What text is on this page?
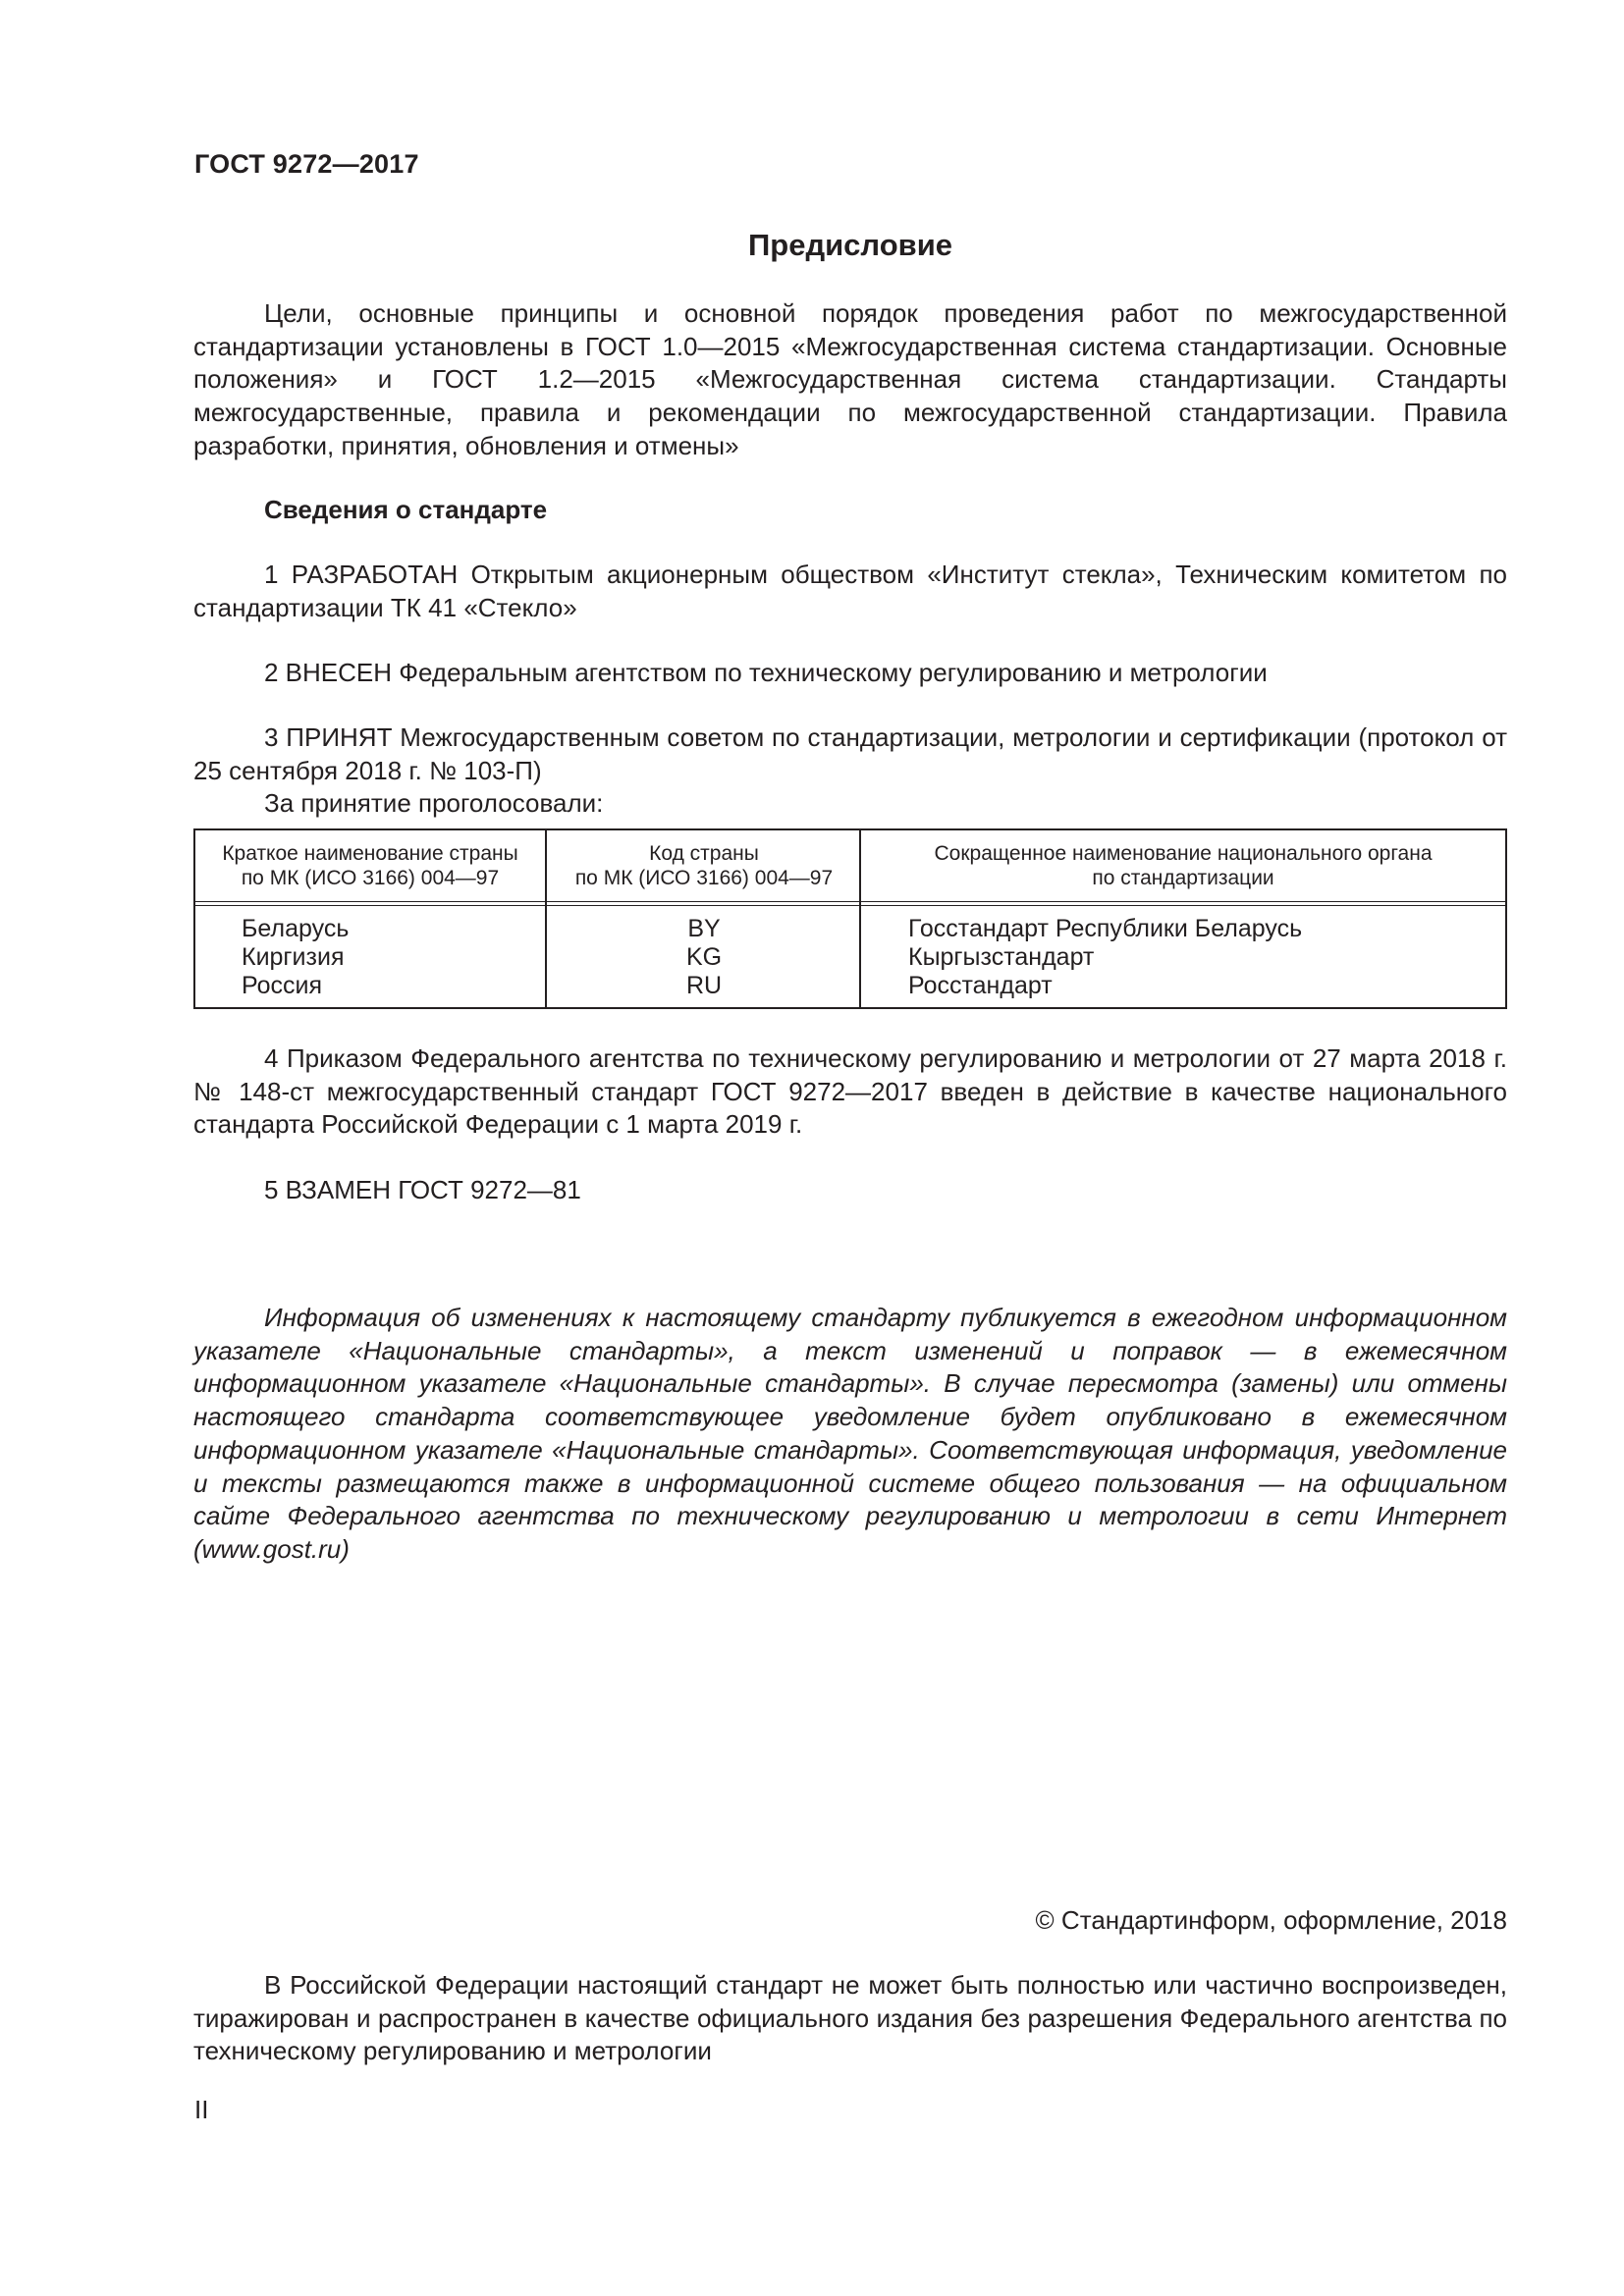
ГОСТ 9272—2017
Предисловие

Цели, основные принципы и основной порядок проведения работ по межгосударственной стандартизации установлены в ГОСТ 1.0—2015 «Межгосударственная система стандартизации. Основные положения» и ГОСТ 1.2—2015 «Межгосударственная система стандартизации. Стандарты межгосударственные, правила и рекомендации по межгосударственной стандартизации. Правила разработки, принятия, обновления и отмены»

Сведения о стандарте

1 РАЗРАБОТАН Открытым акционерным обществом «Институт стекла», Техническим комитетом по стандартизации ТК 41 «Стекло»

2 ВНЕСЕН Федеральным агентством по техническому регулированию и метрологии

3 ПРИНЯТ Межгосударственным советом по стандартизации, метрологии и сертификации (протокол от 25 сентября 2018 г. № 103-П)

За принятие проголосовали:

Краткое наименование страны
по МК (ИСО 3166) 004—97
Беларусь
Киргизия
Россия
Код страны
по МК (ИСО 3166) 004—97
BY
KG
RU
Сокращенное наименование национального органа
по стандартизации
Госстандарт Республики Беларусь
Кыргызстандарт
Росстандарт

4 Приказом Федерального агентства по техническому регулированию и метрологии от 27 марта 2018 г. № 148-ст межгосударственный стандарт ГОСТ 9272—2017 введен в действие в качестве национального стандарта Российской Федерации с 1 марта 2019 г.

5 ВЗАМЕН ГОСТ 9272—81

Информация об изменениях к настоящему стандарту публикуется в ежегодном информационном указателе «Национальные стандарты», а текст изменений и поправок — в ежемесячном информационном указателе «Национальные стандарты». В случае пересмотра (замены) или отмены настоящего стандарта соответствующее уведомление будет опубликовано в ежемесячном информационном указателе «Национальные стандарты». Соответствующая информация, уведомление и тексты размещаются также в информационной системе общего пользования — на официальном сайте Федерального агентства по техническому регулированию и метрологии в сети Интернет (www.gost.ru)

© Стандартинформ, оформление, 2018

В Российской Федерации настоящий стандарт не может быть полностью или частично воспроизведен, тиражирован и распространен в качестве официального издания без разрешения Федерального агентства по техническому регулированию и метрологии

II
